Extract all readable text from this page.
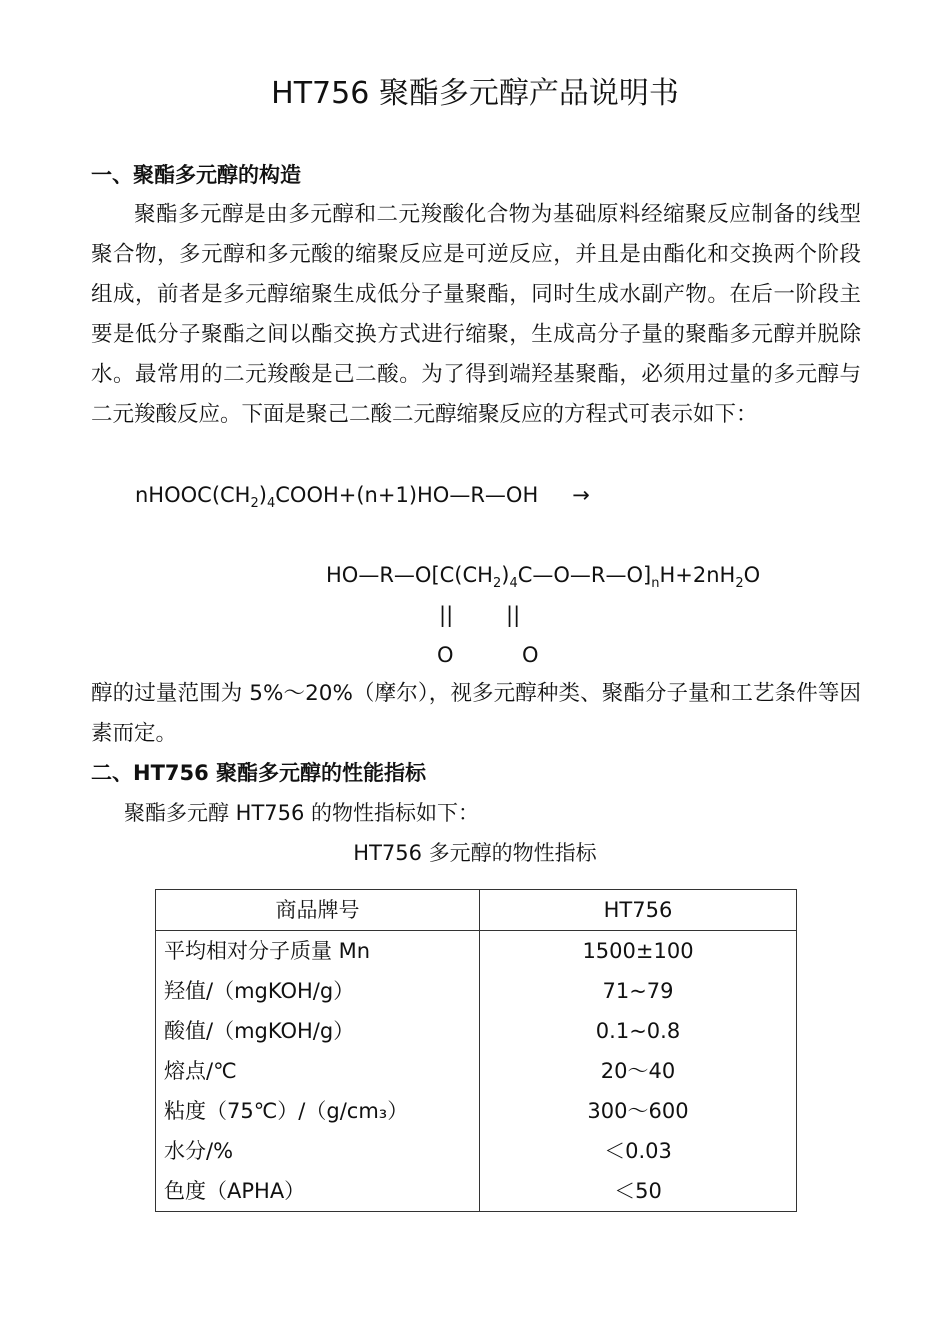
HT756 聚酯多元醇产品说明书
一、聚酯多元醇的构造

聚酯多元醇是由多元醇和二元羧酸化合物为基础原料经缩聚反应制备的线型聚合物，多元醇和多元酸的缩聚反应是可逆反应，并且是由酯化和交换两个阶段组成，前者是多元醇缩聚生成低分子量聚酯，同时生成水副产物。在后一阶段主要是低分子聚酯之间以酯交换方式进行缩聚，生成高分子量的聚酯多元醇并脱除水。最常用的二元羧酸是己二酸。为了得到端羟基聚酯，必须用过量的多元醇与二元羧酸反应。下面是聚己二酸二元醇缩聚反应的方程式可表示如下：

$nHOOC(CH_2)_4COOH+(n+1)HO—R—OH$ →
$HO—R—O[C(CH_2)_4C—O—R—O]_nH+2nH_2O$
||	||
O	O

醇的过量范围为 5%～20%（摩尔），视多元醇种类、聚酯分子量和工艺条件等因素而定。

二、HT756 聚酯多元醇的性能指标
聚酯多元醇 HT756 的物性指标如下：
HT756 多元醇的物性指标
商品牌号	HT756
平均相对分子质量 Mn	1500±100
羟值/（mgKOH/g）	71~79
酸值/（mgKOH/g）	0.1~0.8
熔点/℃	20～40
粘度（75℃）/（g/cm₃）	300～600
水分/%	＜0.03
色度（APHA）	＜50
